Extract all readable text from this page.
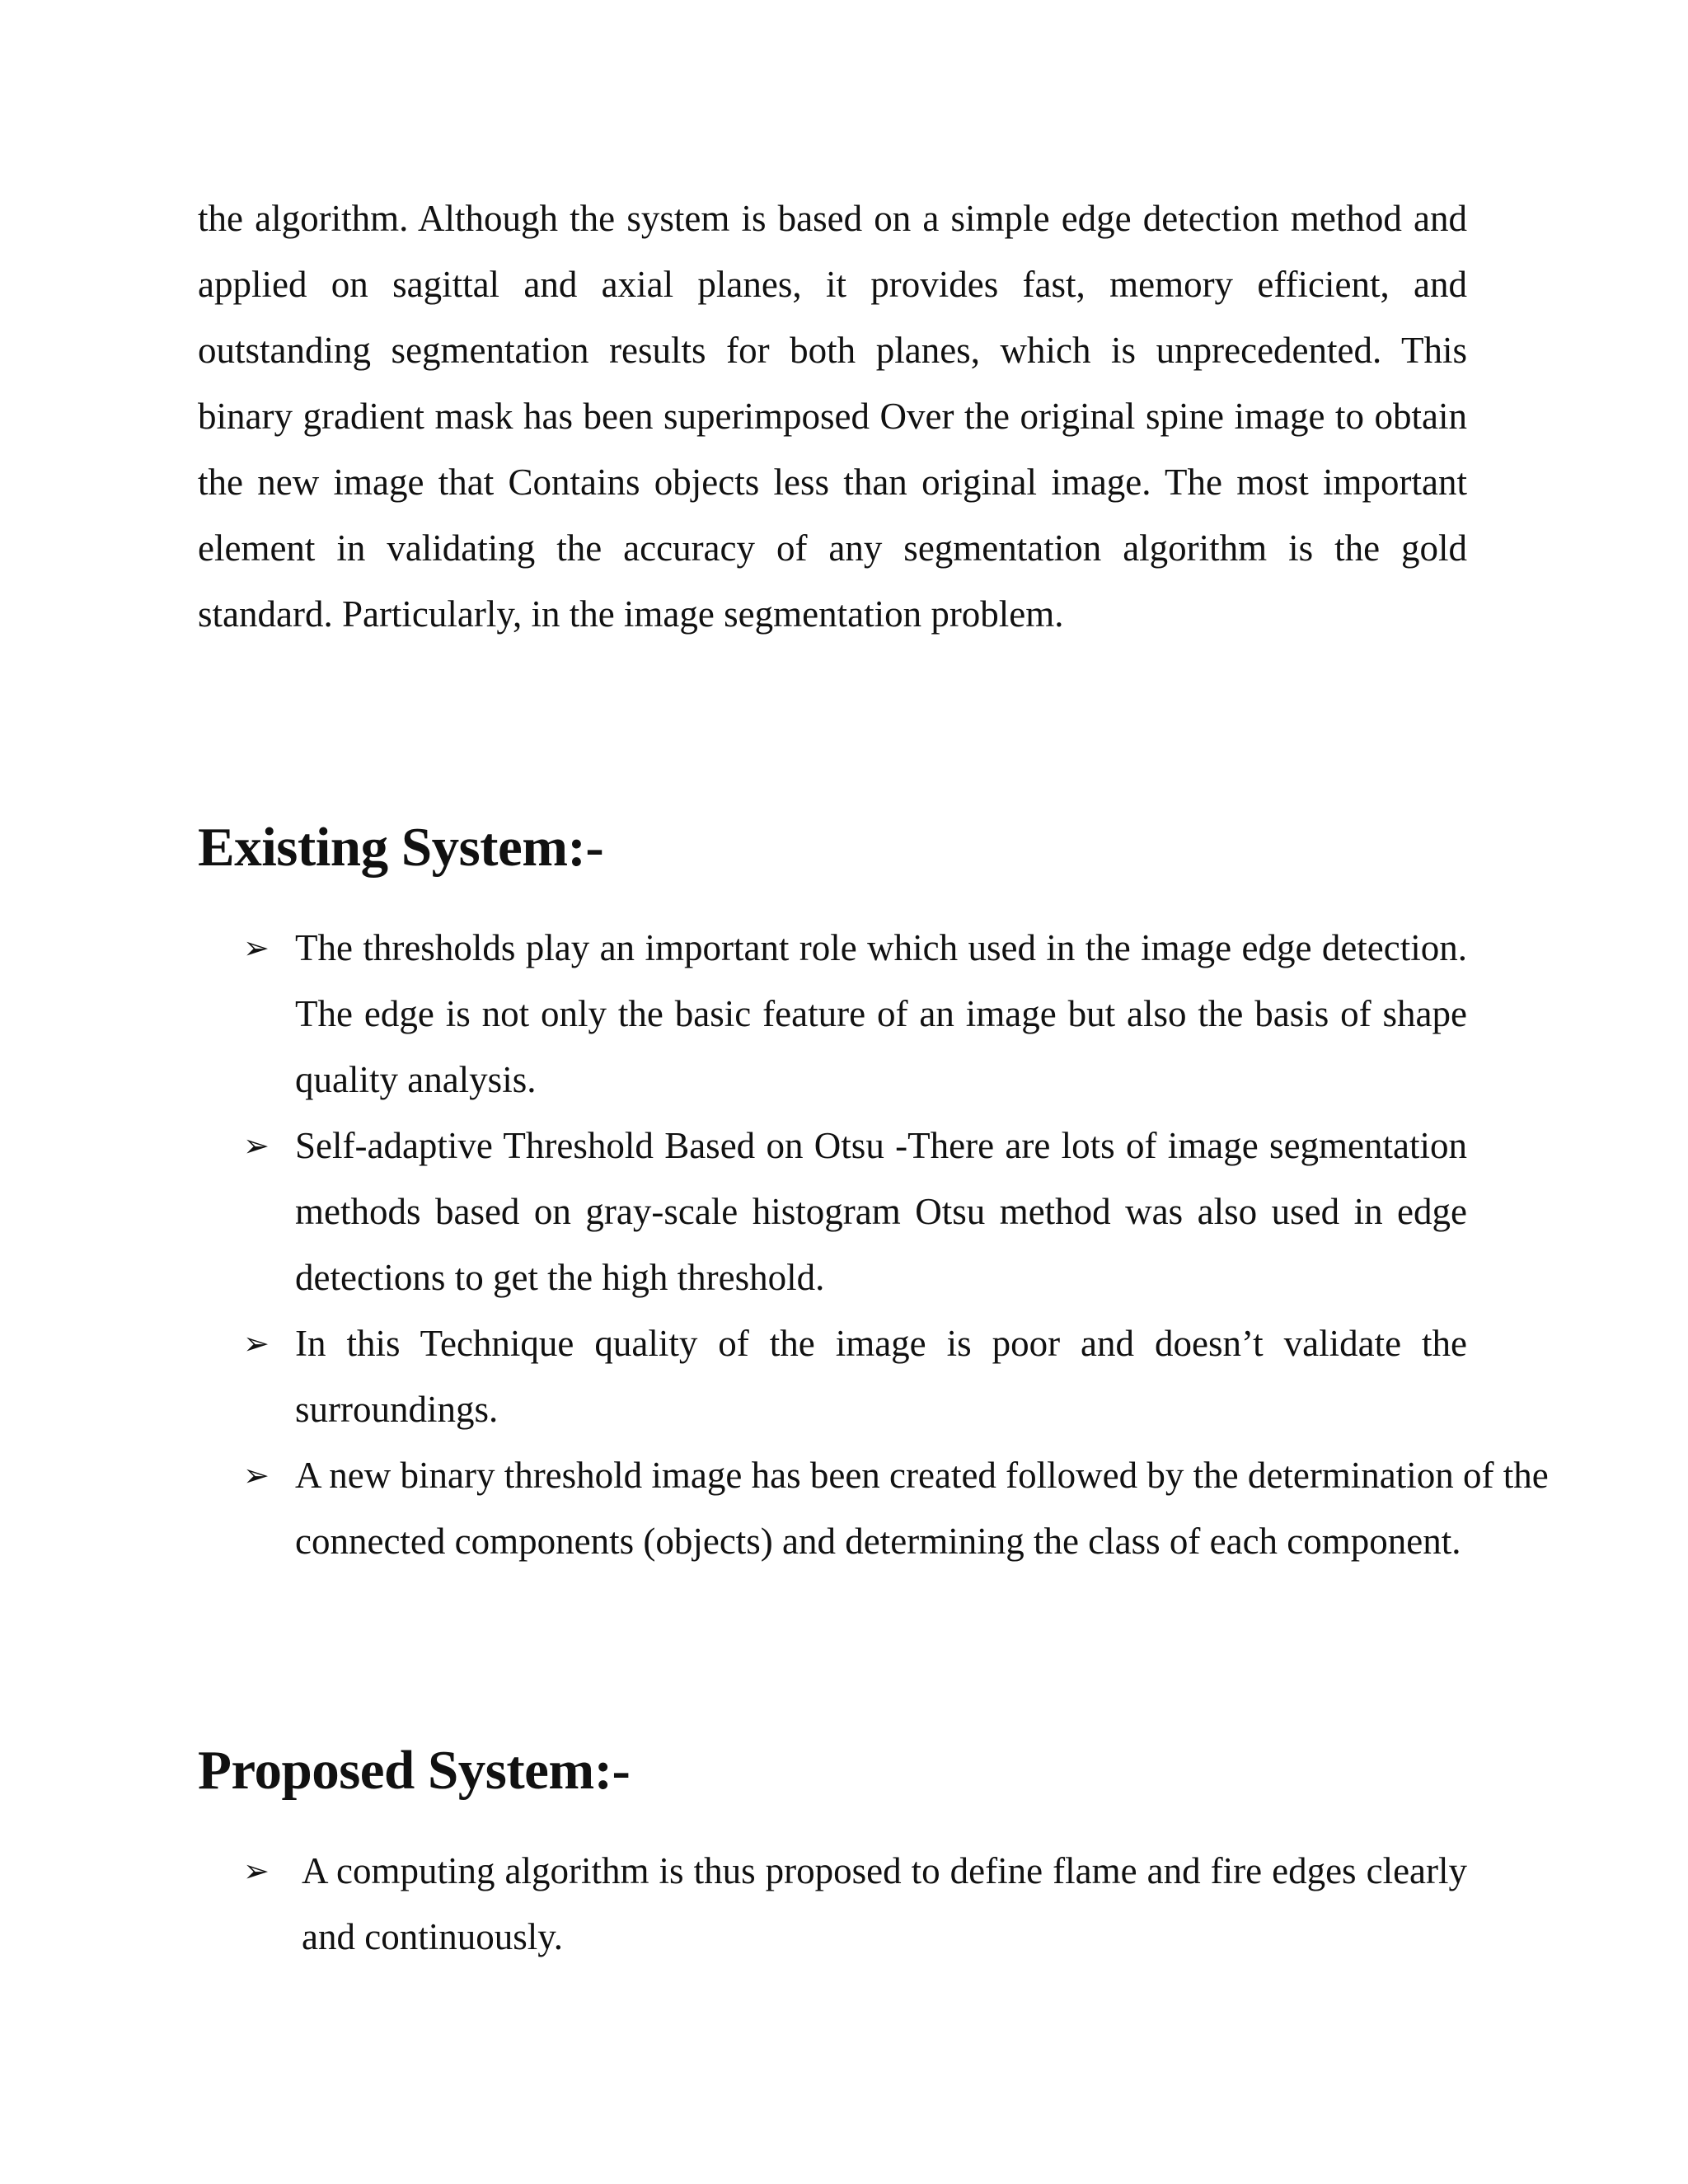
the algorithm. Although the system is based on a simple edge detection method and applied on sagittal and axial planes, it provides fast, memory efficient, and outstanding segmentation results for both planes, which is unprecedented. This binary gradient mask has been superimposed Over the original spine image to obtain the new image that Contains objects less than original image. The most important element in validating the accuracy of any segmentation algorithm is the gold standard. Particularly, in the image segmentation problem.

Existing System:-
➢ The thresholds play an important role which used in the image edge detection. The edge is not only the basic feature of an image but also the basis of shape quality analysis.
➢ Self-adaptive Threshold Based on Otsu -There are lots of image segmentation methods based on gray-scale histogram Otsu method was also used in edge detections to get the high threshold.
➢ In this Technique quality of the image is poor and doesn’t validate the surroundings.
➢ A new binary threshold image has been created followed by the determination of the connected components (objects) and determining the class of each component.
Proposed System:-
➢ A computing algorithm is thus proposed to define flame and fire edges clearly and continuously.
